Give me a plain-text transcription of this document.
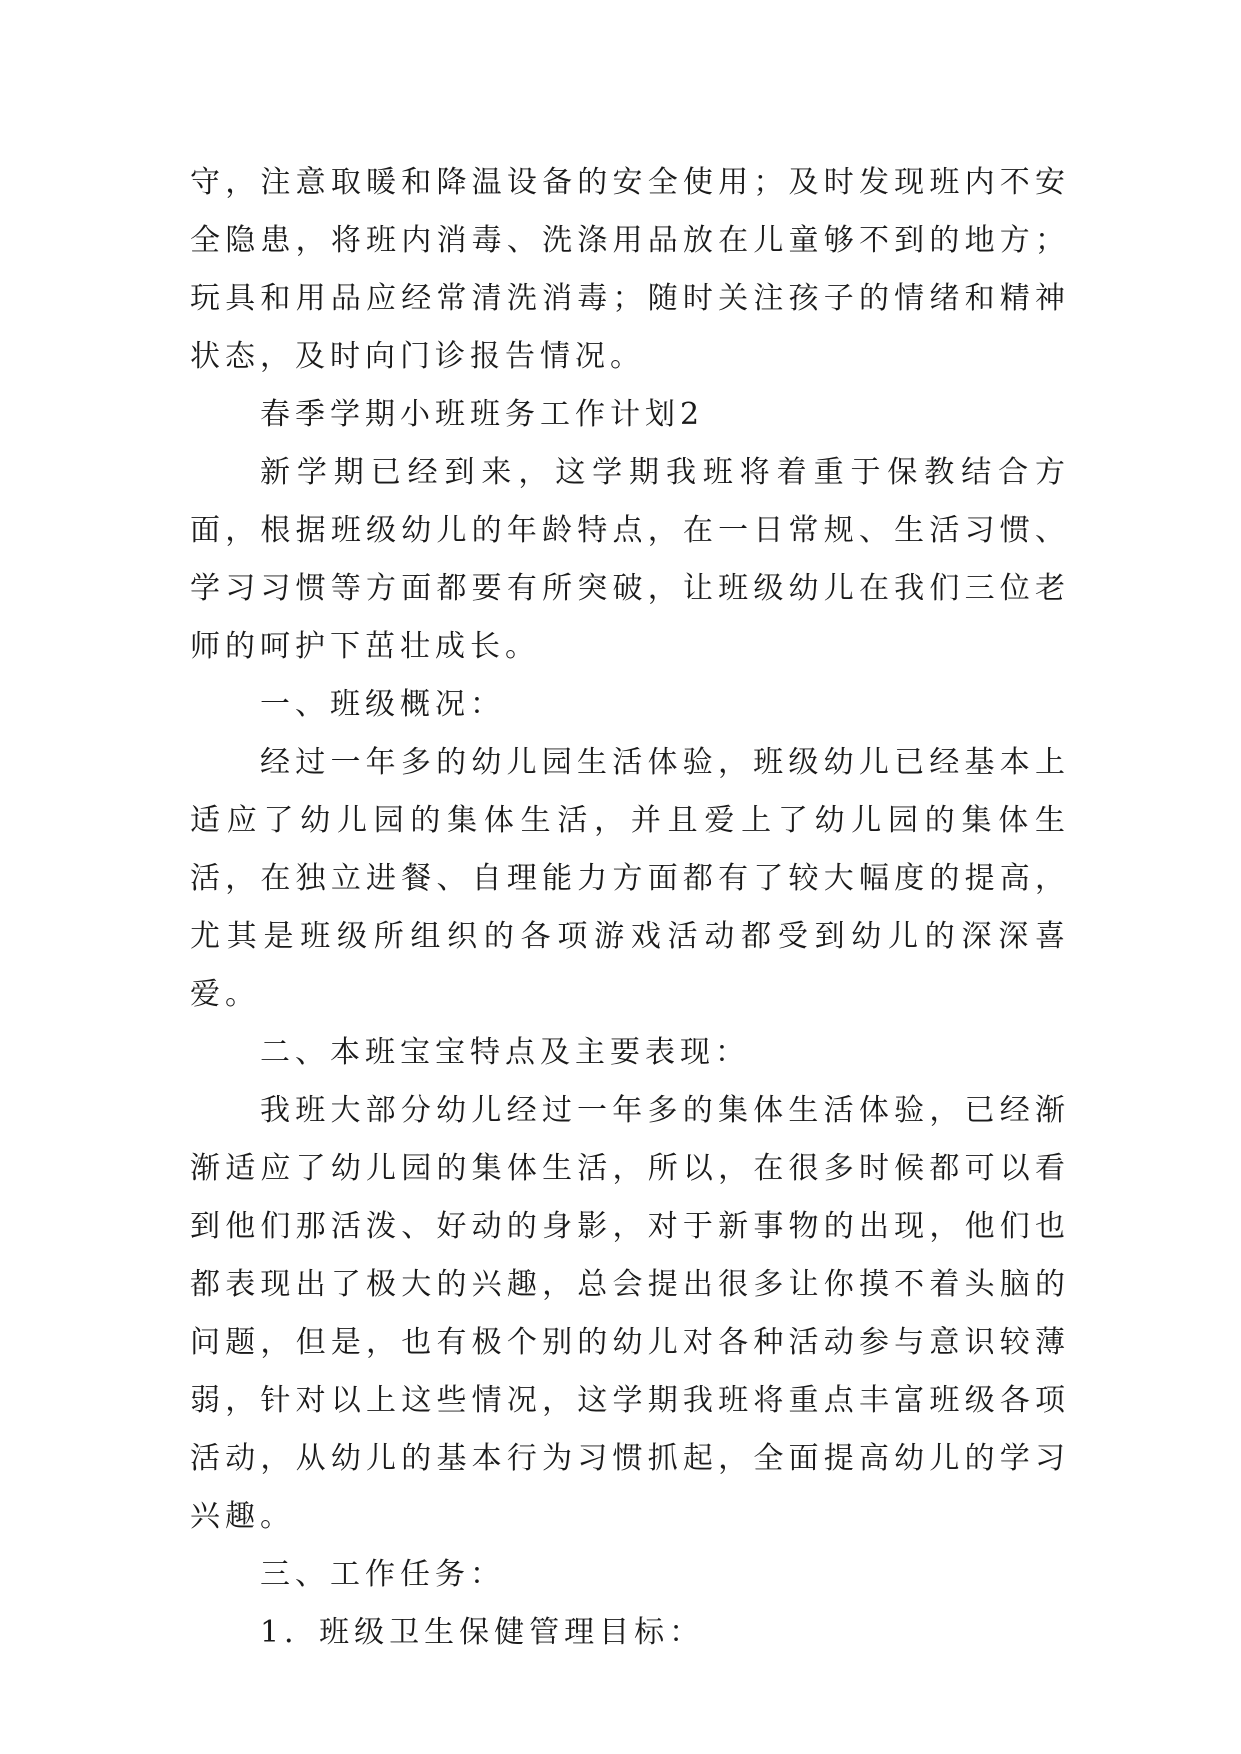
守，注意取暖和降温设备的安全使用；及时发现班内不安全隐患，将班内消毒、洗涤用品放在儿童够不到的地方；玩具和用品应经常清洗消毒；随时关注孩子的情绪和精神状态，及时向门诊报告情况。

春季学期小班班务工作计划2

新学期已经到来，这学期我班将着重于保教结合方面，根据班级幼儿的年龄特点，在一日常规、生活习惯、学习习惯等方面都要有所突破，让班级幼儿在我们三位老师的呵护下茁壮成长。

一、班级概况：

经过一年多的幼儿园生活体验，班级幼儿已经基本上适应了幼儿园的集体生活，并且爱上了幼儿园的集体生活，在独立进餐、自理能力方面都有了较大幅度的提高，尤其是班级所组织的各项游戏活动都受到幼儿的深深喜爱。

二、本班宝宝特点及主要表现：

我班大部分幼儿经过一年多的集体生活体验，已经渐渐适应了幼儿园的集体生活，所以，在很多时候都可以看到他们那活泼、好动的身影，对于新事物的出现，他们也都表现出了极大的兴趣，总会提出很多让你摸不着头脑的问题，但是，也有极个别的幼儿对各种活动参与意识较薄弱，针对以上这些情况，这学期我班将重点丰富班级各项活动，从幼儿的基本行为习惯抓起，全面提高幼儿的学习兴趣。

三、工作任务：

1．班级卫生保健管理目标：
